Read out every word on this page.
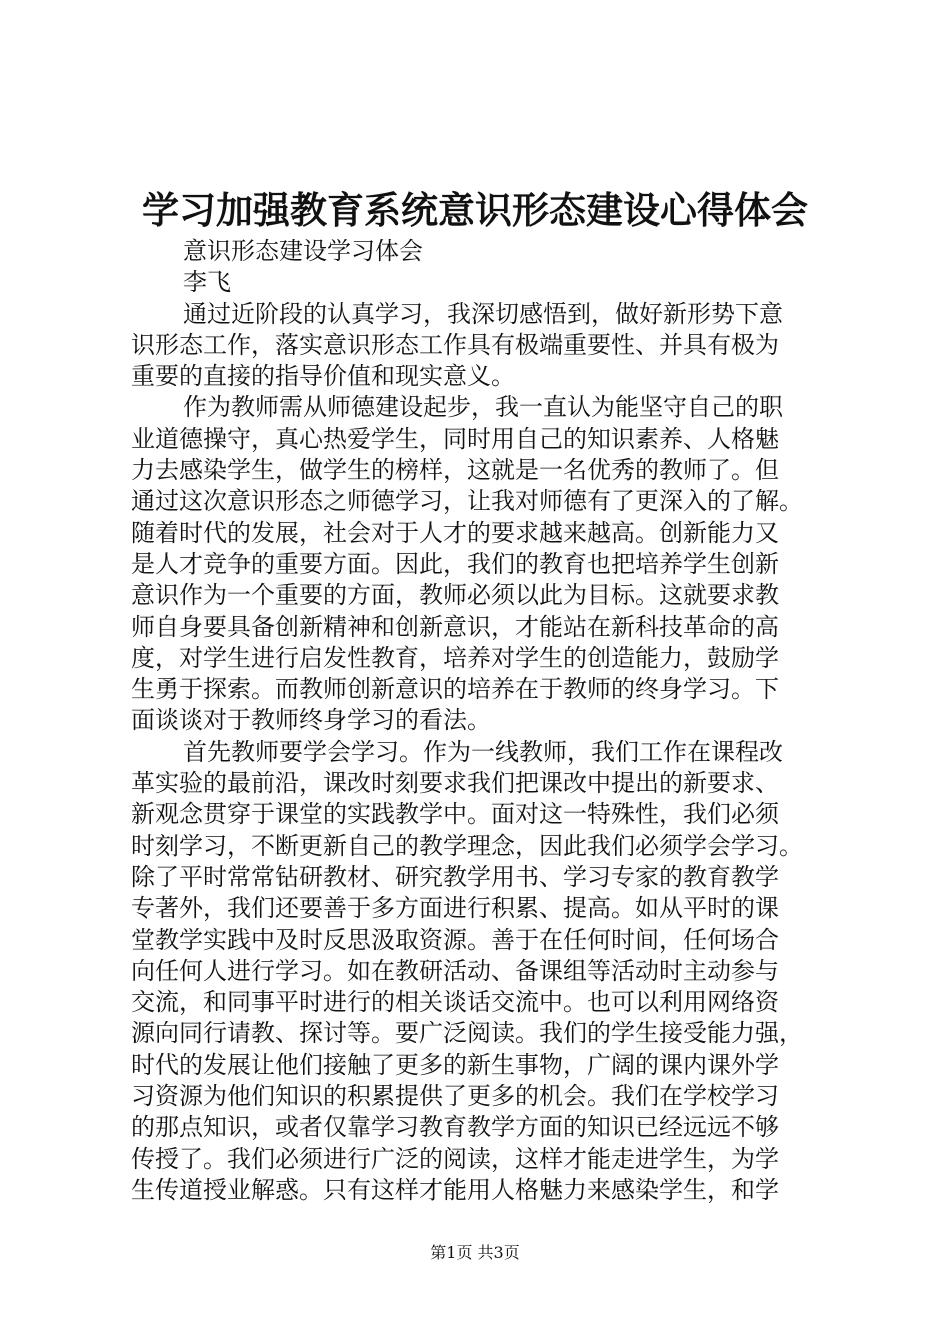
学习加强教育系统意识形态建设心得体会
意识形态建设学习体会
李飞
通过近阶段的认真学习，我深切感悟到，做好新形势下意
识形态工作，落实意识形态工作具有极端重要性、并具有极为
重要的直接的指导价值和现实意义。
作为教师需从师德建设起步，我一直认为能坚守自己的职
业道德操守，真心热爱学生，同时用自己的知识素养、人格魅
力去感染学生，做学生的榜样，这就是一名优秀的教师了。但
通过这次意识形态之师德学习，让我对师德有了更深入的了解。
随着时代的发展，社会对于人才的要求越来越高。创新能力又
是人才竞争的重要方面。因此，我们的教育也把培养学生创新
意识作为一个重要的方面，教师必须以此为目标。这就要求教
师自身要具备创新精神和创新意识，才能站在新科技革命的高
度，对学生进行启发性教育，培养对学生的创造能力，鼓励学
生勇于探索。而教师创新意识的培养在于教师的终身学习。下
面谈谈对于教师终身学习的看法。
首先教师要学会学习。作为一线教师，我们工作在课程改
革实验的最前沿，课改时刻要求我们把课改中提出的新要求、
新观念贯穿于课堂的实践教学中。面对这一特殊性，我们必须
时刻学习，不断更新自己的教学理念，因此我们必须学会学习。
除了平时常常钻研教材、研究教学用书、学习专家的教育教学
专著外，我们还要善于多方面进行积累、提高。如从平时的课
堂教学实践中及时反思汲取资源。善于在任何时间，任何场合
向任何人进行学习。如在教研活动、备课组等活动时主动参与
交流，和同事平时进行的相关谈话交流中。也可以利用网络资
源向同行请教、探讨等。要广泛阅读。我们的学生接受能力强，
时代的发展让他们接触了更多的新生事物，广阔的课内课外学
习资源为他们知识的积累提供了更多的机会。我们在学校学习
的那点知识，或者仅靠学习教育教学方面的知识已经远远不够
传授了。我们必须进行广泛的阅读，这样才能走进学生，为学
生传道授业解惑。只有这样才能用人格魅力来感染学生，和学
第1页 共3页
